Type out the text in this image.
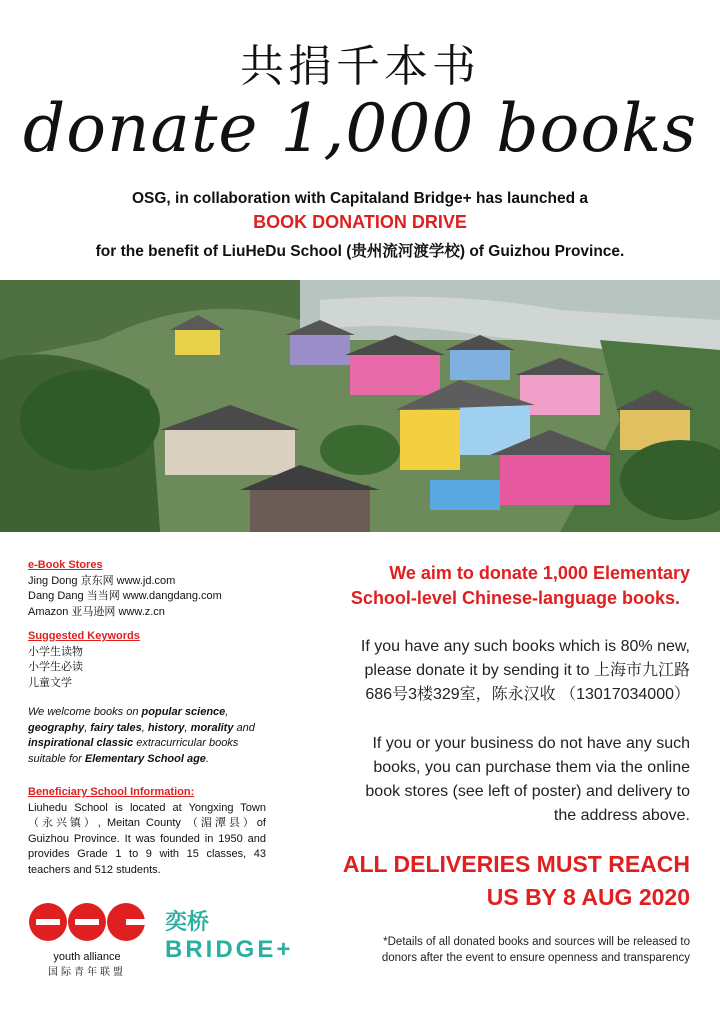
共捐千本书
donate 1,000 books
OSG, in collaboration with Capitaland Bridge+ has launched a
BOOK DONATION DRIVE
for the benefit of LiuHeDu School (贵州流河渡学校) of Guizhou Province.
e-Book Stores

Jing Dong 京东网 www.jd.com

Dang Dang 当当网 www.dangdang.com

Amazon 亚马逊网 www.z.cn

Suggested Keywords

小学生读物

小学生必读

儿童文学

We welcome books on popular science, geography, fairy tales, history, morality and inspirational classic extracurricular books suitable for Elementary School age.

Beneficiary School Information:

Liuhedu School is located at Yongxing Town （永兴镇）, Meitan County （湄潭县）of Guizhou Province. It was founded in 1950 and provides Grade 1 to 9 with 15 classes, 43 teachers and 512 students.

We aim to donate 1,000 Elementary
School-level Chinese-language books.
If you have any such books which is 80% new,
please donate it by sending it to 上海市九江路
686号3楼329室，陈永汉收 （13017034000）
If you or your business do not have any such
books, you can purchase them via the online
book stores (see left of poster) and delivery to
the address above.
ALL DELIVERIES MUST REACH
US BY 8 AUG 2020
*Details of all donated books and sources will be released to
donors after the event to ensure openness and transparency
OSG
youth alliance
国际青年联盟
奕桥
BRIDGE+
